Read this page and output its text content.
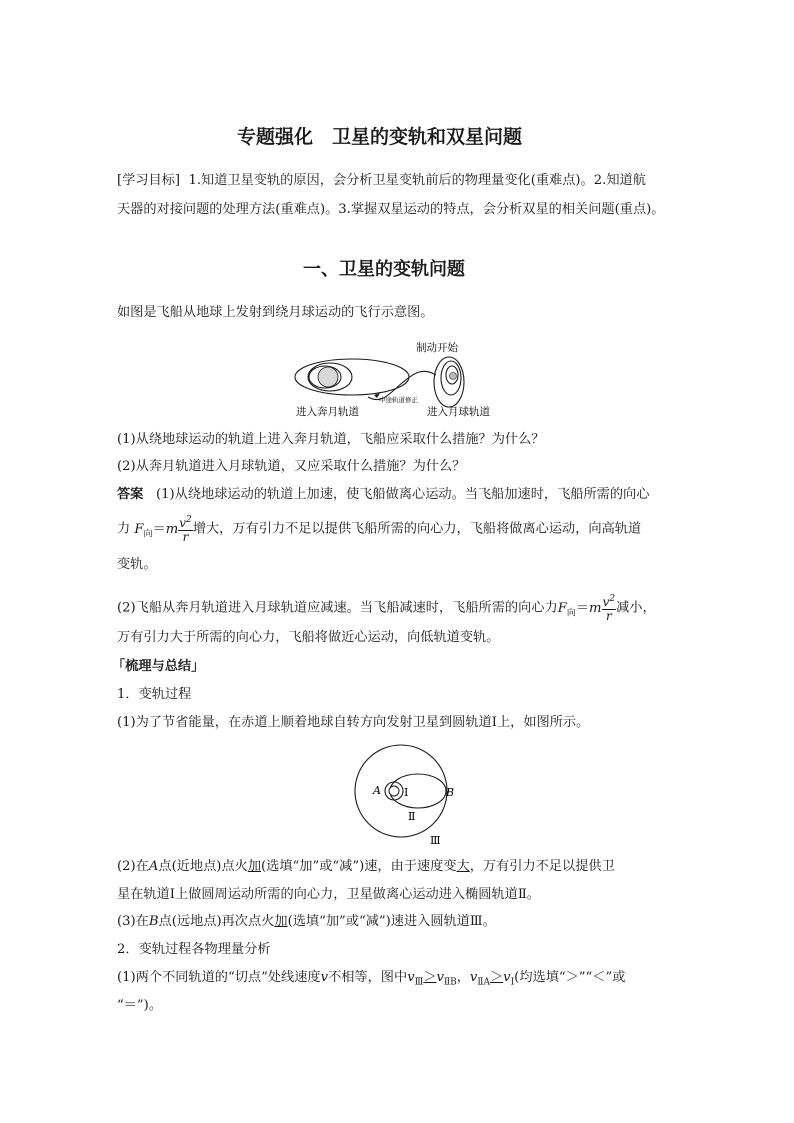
专题强化　卫星的变轨和双星问题
[学习目标] 1.知道卫星变轨的原因，会分析卫星变轨前后的物理量变化(重难点)。2.知道航
天器的对接问题的处理方法(重难点)。3.掌握双星运动的特点，会分析双星的相关问题(重点)。
一、卫星的变轨问题
如图是飞船从地球上发射到绕月球运动的飞行示意图。
制动开始
中途轨道修正
进入奔月轨道	进入月球轨道
(1)从绕地球运动的轨道上进入奔月轨道，飞船应采取什么措施？为什么？
(2)从奔月轨道进入月球轨道，又应采取什么措施？为什么？
答案 (1)从绕地球运动的轨道上加速，使飞船做离心运动。当飞船加速时，飞船所需的向心
力 $F_向=m \frac{v^2}{r}$ 增大，万有引力不足以提供飞船所需的向心力，飞船将做离心运动，向高轨道
变轨。
(2)飞船从奔月轨道进入月球轨道应减速。当飞船减速时，飞船所需的向心力$F_向=m \frac{v^2}{r}$ 减小，
万有引力大于所需的向心力，飞船将做近心运动，向低轨道变轨。
「梳理与总结」
1．变轨过程
(1)为了节省能量，在赤道上顺着地球自转方向发射卫星到圆轨道Ⅰ上，如图所示。
A Ⅰ	B
Ⅱ
Ⅲ
(2)在A点(近地点)点火加(选填“加”或“减”)速，由于速度变大，万有引力不足以提供卫
星在轨道Ⅰ上做圆周运动所需的向心力，卫星做离心运动进入椭圆轨道Ⅱ。
(3)在B点(远地点)再次点火加(选填“加”或“减”)速进入圆轨道Ⅲ。
2．变轨过程各物理量分析
(1)两个不同轨道的“切点”处线速度v不相等，图中$v_Ⅲ>v_{ⅡB}$，$v_{ⅡA}>v_Ⅰ$(均选填“＞”“＜”或
“＝”)。
